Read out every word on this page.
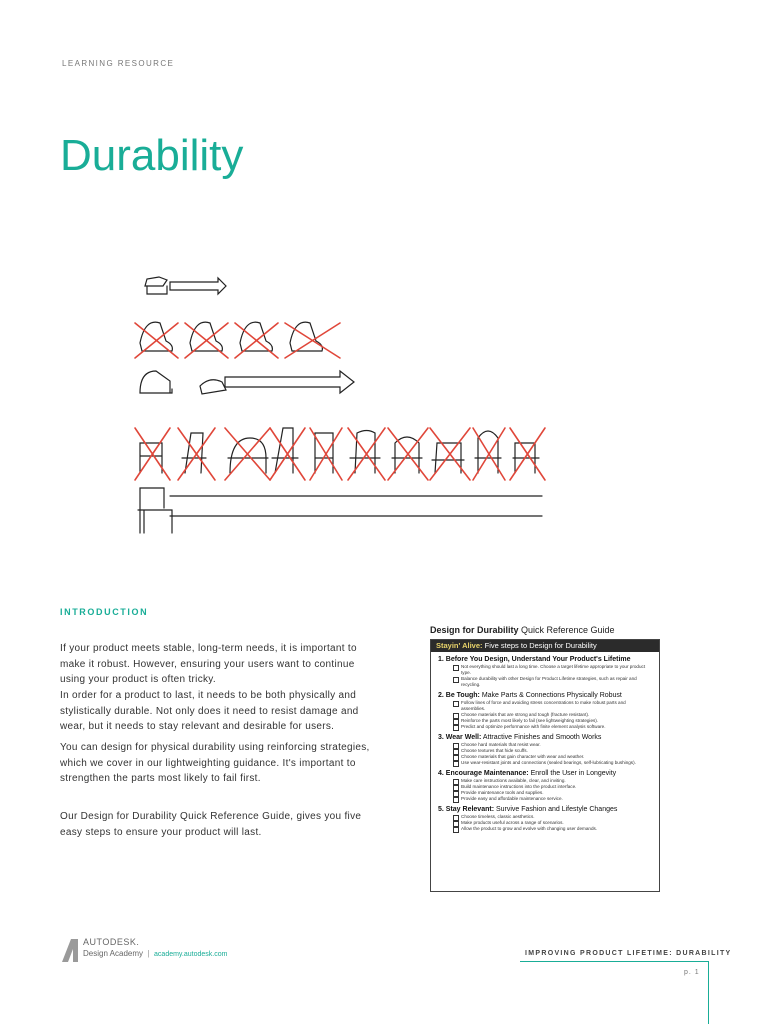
LEARNING RESOURCE
Durability
INTRODUCTION

If your product meets stable, long-term needs, it is important to make it robust. However, ensuring your users want to continue using your product is often tricky.

In order for a product to last, it needs to be both physically and stylistically durable. Not only does it need to resist damage and wear, but it needs to stay relevant and desirable for users.

You can design for physical durability using reinforcing strategies, which we cover in our lightweighting guidance. It's important to strengthen the parts most likely to fail first.

Our Design for Durability Quick Reference Guide, gives you five easy steps to ensure your product will last.

Design for Durability Quick Reference Guide
Stayin' Alive: Five steps to Design for Durability
1. Before You Design, Understand Your Product's Lifetime
Not everything should last a long time. Choose a target lifetime appropriate to your product type.
Balance durability with other Design for Product Lifetime strategies, such as repair and recycling.
2. Be Tough: Make Parts & Connections Physically Robust
Follow lines of force and avoiding stress concentrations to make robust parts and assemblies.
Choose materials that are strong and tough (fracture resistant).
Reinforce the parts most likely to fail (see lightweighting strategies).
Predict and optimize performance with finite element analysis software.
3. Wear Well: Attractive Finishes and Smooth Works
Choose hard materials that resist wear.
Choose textures that hide scuffs.
Choose materials that gain character with wear and weather.
Use wear-resistant joints and connections (sealed bearings, self-lubricating bushings).
4. Encourage Maintenance: Enroll the User in Longevity
Make care instructions available, clear, and inviting.
Build maintenance instructions into the product interface.
Provide maintenance tools and supplies.
Provide easy and affordable maintenance service.
5. Stay Relevant: Survive Fashion and Lifestyle Changes
Choose timeless, classic aesthetics.
Make products useful across a range of scenarios.
Allow the product to grow and evolve with changing user demands.
AUTODESK.
Design Academy  |  academy.autodesk.com	IMPROVING PRODUCT LIFETIME: DURABILITY
p. 1
